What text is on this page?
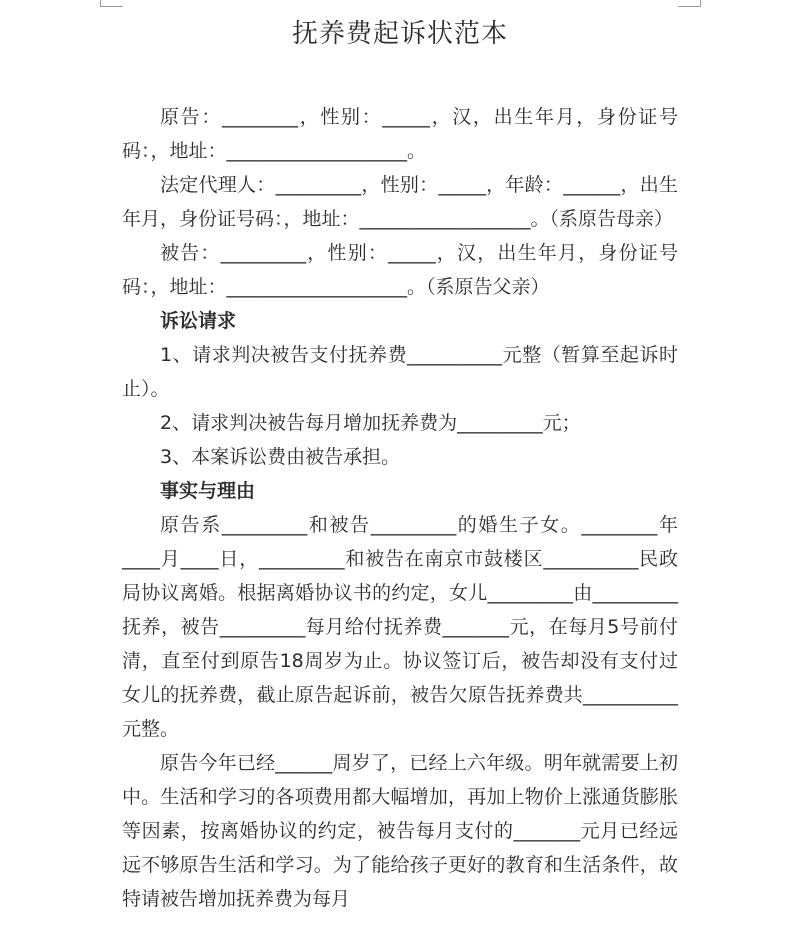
抚养费起诉状范本

原告：________，性别：_____，汉，出生年月，身份证号码：，地址：___________________。

法定代理人：_________，性别：_____，年龄：______，出生年月，身份证号码：，地址：__________________。（系原告母亲）

被告：_________，性别：_____，汉，出生年月，身份证号码：，地址：___________________。（系原告父亲）

诉讼请求

1、请求判决被告支付抚养费__________元整（暂算至起诉时止）。

2、请求判决被告每月增加抚养费为_________元；

3、本案诉讼费由被告承担。

事实与理由

原告系_________和被告_________的婚生子女。________年____月____日，_________和被告在南京市鼓楼区__________民政局协议离婚。根据离婚协议书的约定，女儿_________由_________抚养，被告_________每月给付抚养费_______元，在每月5号前付清，直至付到原告18周岁为止。协议签订后，被告却没有支付过女儿的抚养费，截止原告起诉前，被告欠原告抚养费共__________元整。

原告今年已经______周岁了，已经上六年级。明年就需要上初中。生活和学习的各项费用都大幅增加，再加上物价上涨通货膨胀等因素，按离婚协议的约定，被告每月支付的_______元月已经远远不够原告生活和学习。为了能给孩子更好的教育和生活条件，故特请被告增加抚养费为每月
